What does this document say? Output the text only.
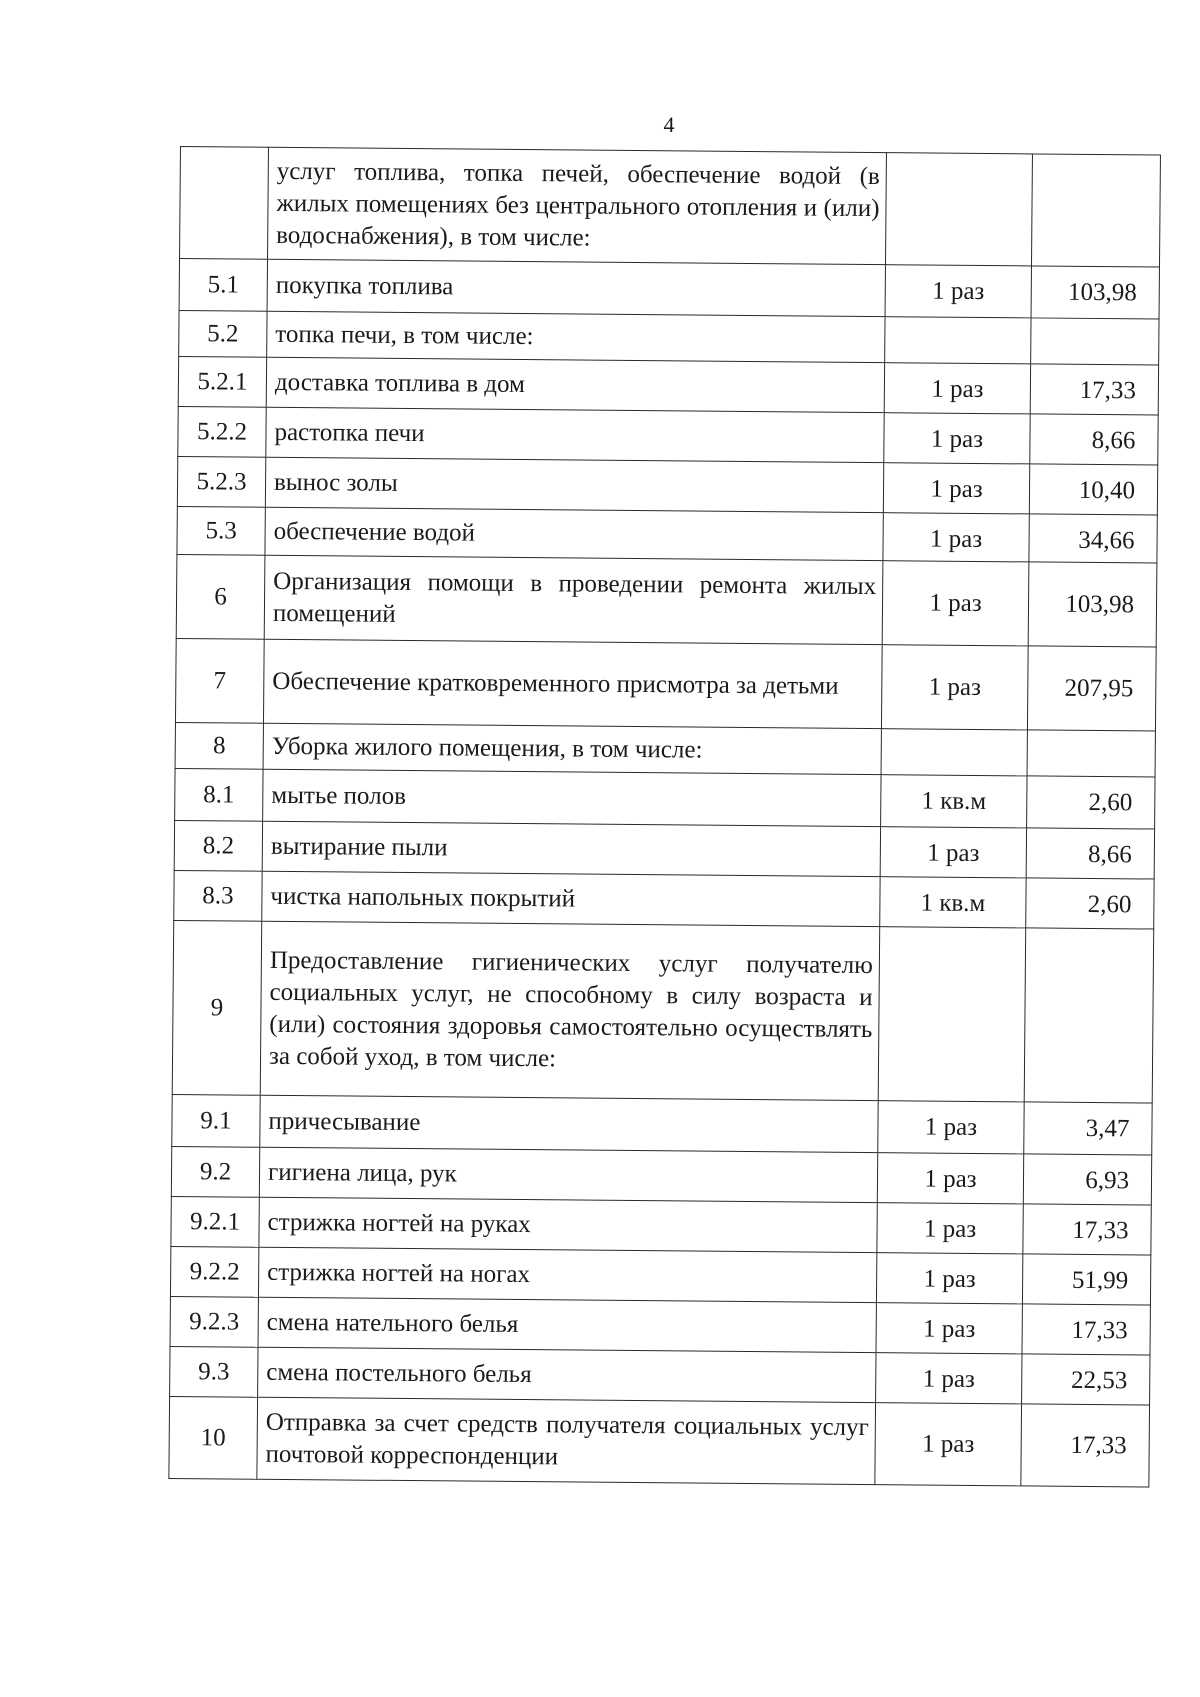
4
	услуг топлива, топка печей, обеспечение водой (в жилых помещениях без центрального отопления и (или) водоснабжения), в том числе:		
5.1	покупка топлива	1 раз	103,98
5.2	топка печи, в том числе:		
5.2.1	доставка топлива в дом	1 раз	17,33
5.2.2	растопка печи	1 раз	8,66
5.2.3	вынос золы	1 раз	10,40
5.3	обеспечение водой	1 раз	34,66
6	Организация помощи в проведении ремонта жилых помещений	1 раз	103,98
7	Обеспечение кратковременного присмотра за детьми	1 раз	207,95
8	Уборка жилого помещения, в том числе:		
8.1	мытье полов	1 кв.м	2,60
8.2	вытирание пыли	1 раз	8,66
8.3	чистка напольных покрытий	1 кв.м	2,60
9	Предоставление гигиенических услуг получателю социальных услуг, не способному в силу возраста и (или) состояния здоровья самостоятельно осуществлять за собой уход, в том числе:		
9.1	причесывание	1 раз	3,47
9.2	гигиена лица, рук	1 раз	6,93
9.2.1	стрижка ногтей на руках	1 раз	17,33
9.2.2	стрижка ногтей на ногах	1 раз	51,99
9.2.3	смена нательного белья	1 раз	17,33
9.3	смена постельного белья	1 раз	22,53
10	Отправка за счет средств получателя социальных услуг почтовой корреспонденции	1 раз	17,33
